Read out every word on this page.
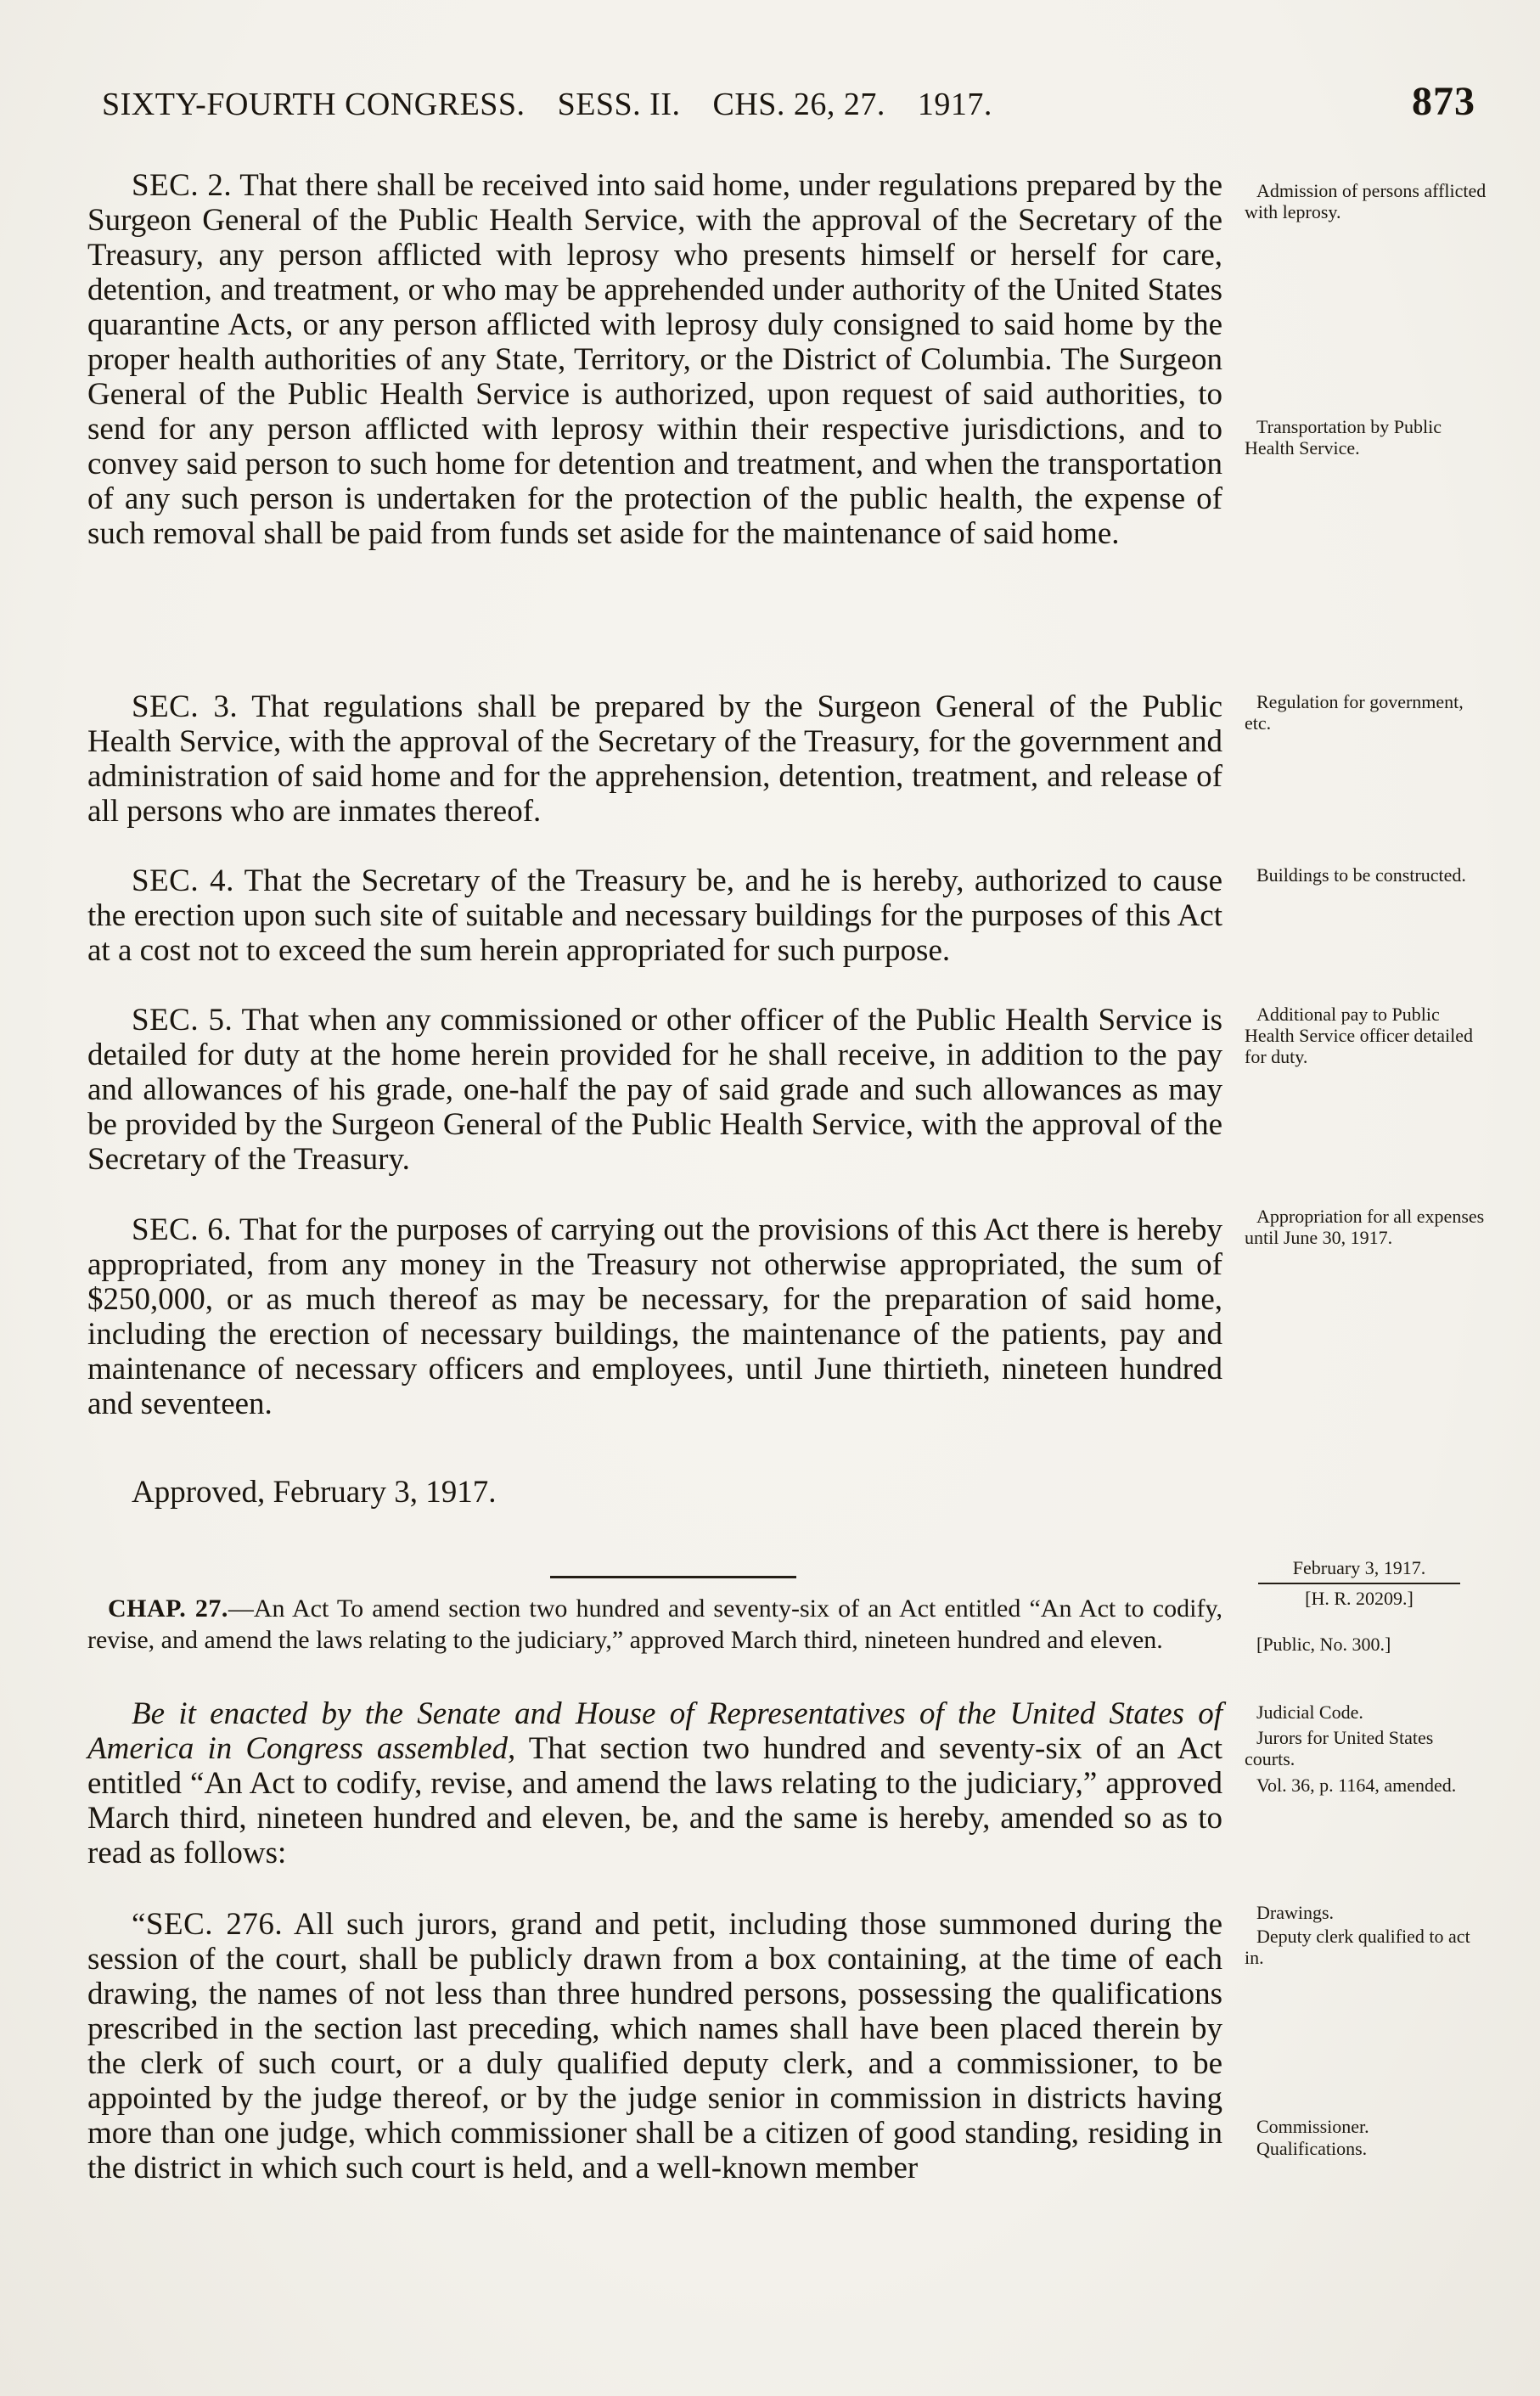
SIXTY-FOURTH CONGRESS. SESS. II. CHS. 26, 27. 1917.	873

SEC. 2. That there shall be received into said home, under regulations prepared by the Surgeon General of the Public Health Service, with the approval of the Secretary of the Treasury, any person afflicted with leprosy who presents himself or herself for care, detention, and treatment, or who may be apprehended under authority of the United States quarantine Acts, or any person afflicted with leprosy duly consigned to said home by the proper health authorities of any State, Territory, or the District of Columbia. The Surgeon General of the Public Health Service is authorized, upon request of said authorities, to send for any person afflicted with leprosy within their respective jurisdictions, and to convey said person to such home for detention and treatment, and when the transportation of any such person is undertaken for the protection of the public health, the expense of such removal shall be paid from funds set aside for the maintenance of said home.

SEC. 3. That regulations shall be prepared by the Surgeon General of the Public Health Service, with the approval of the Secretary of the Treasury, for the government and administration of said home and for the apprehension, detention, treatment, and release of all persons who are inmates thereof.

SEC. 4. That the Secretary of the Treasury be, and he is hereby, authorized to cause the erection upon such site of suitable and necessary buildings for the purposes of this Act at a cost not to exceed the sum herein appropriated for such purpose.

SEC. 5. That when any commissioned or other officer of the Public Health Service is detailed for duty at the home herein provided for he shall receive, in addition to the pay and allowances of his grade, one-half the pay of said grade and such allowances as may be provided by the Surgeon General of the Public Health Service, with the approval of the Secretary of the Treasury.

SEC. 6. That for the purposes of carrying out the provisions of this Act there is hereby appropriated, from any money in the Treasury not otherwise appropriated, the sum of $250,000, or as much thereof as may be necessary, for the preparation of said home, including the erection of necessary buildings, the maintenance of the patients, pay and maintenance of necessary officers and employees, until June thirtieth, nineteen hundred and seventeen.

Approved, February 3, 1917.

CHAP. 27.—An Act To amend section two hundred and seventy-six of an Act entitled “An Act to codify, revise, and amend the laws relating to the judiciary,” approved March third, nineteen hundred and eleven.

Be it enacted by the Senate and House of Representatives of the United States of America in Congress assembled, That section two hundred and seventy-six of an Act entitled “An Act to codify, revise, and amend the laws relating to the judiciary,” approved March third, nineteen hundred and eleven, be, and the same is hereby, amended so as to read as follows:

“SEC. 276. All such jurors, grand and petit, including those summoned during the session of the court, shall be publicly drawn from a box containing, at the time of each drawing, the names of not less than three hundred persons, possessing the qualifications prescribed in the section last preceding, which names shall have been placed therein by the clerk of such court, or a duly qualified deputy clerk, and a commissioner, to be appointed by the judge thereof, or by the judge senior in commission in districts having more than one judge, which commissioner shall be a citizen of good standing, residing in the district in which such court is held, and a well-known member

Admission of persons afflicted with leprosy.
Transportation by Public Health Service.
Regulation for government, etc.
Buildings to be constructed.
Additional pay to Public Health Service officer detailed for duty.
Appropriation for all expenses until June 30, 1917.
February 3, 1917.
[H. R. 20209.]
[Public, No. 300.]
Judicial Code.
Jurors for United States courts.
Vol. 36, p. 1164, amended.
Drawings.
Deputy clerk qualified to act in.
Commissioner.
Qualifications.
